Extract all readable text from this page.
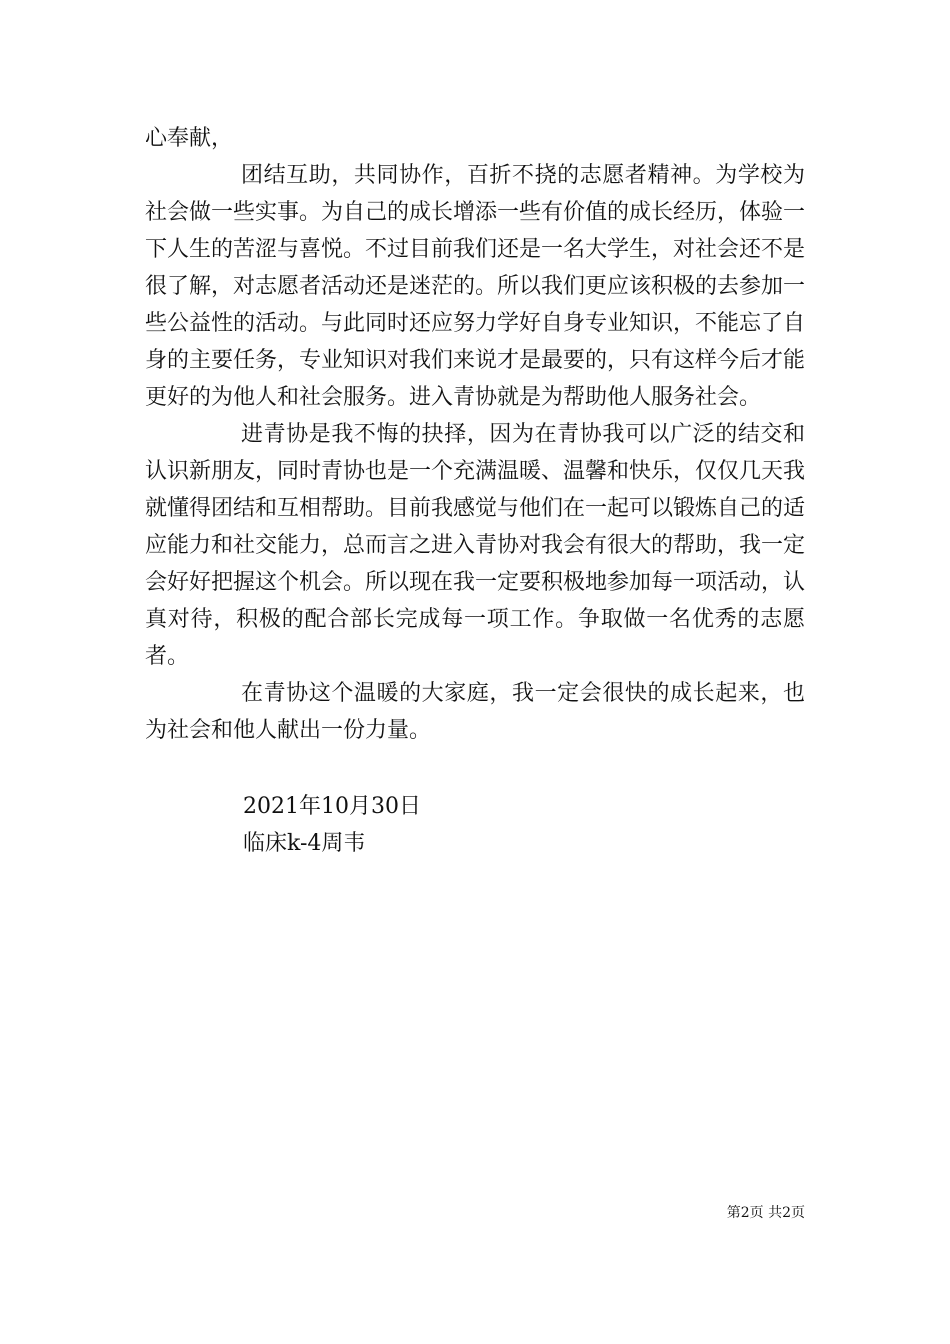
心奉献，

团结互助，共同协作，百折不挠的志愿者精神。为学校为社会做一些实事。为自己的成长增添一些有价值的成长经历，体验一下人生的苦涩与喜悦。不过目前我们还是一名大学生，对社会还不是很了解，对志愿者活动还是迷茫的。所以我们更应该积极的去参加一些公益性的活动。与此同时还应努力学好自身专业知识，不能忘了自身的主要任务，专业知识对我们来说才是最要的，只有这样今后才能更好的为他人和社会服务。进入青协就是为帮助他人服务社会。

进青协是我不悔的抉择，因为在青协我可以广泛的结交和认识新朋友，同时青协也是一个充满温暖、温馨和快乐，仅仅几天我就懂得团结和互相帮助。目前我感觉与他们在一起可以锻炼自己的适应能力和社交能力，总而言之进入青协对我会有很大的帮助，我一定会好好把握这个机会。所以现在我一定要积极地参加每一项活动，认真对待，积极的配合部长完成每一项工作。争取做一名优秀的志愿者。

在青协这个温暖的大家庭，我一定会很快的成长起来，也为社会和他人献出一份力量。

2021年10月30日
临床k-4周韦
第2页 共2页
